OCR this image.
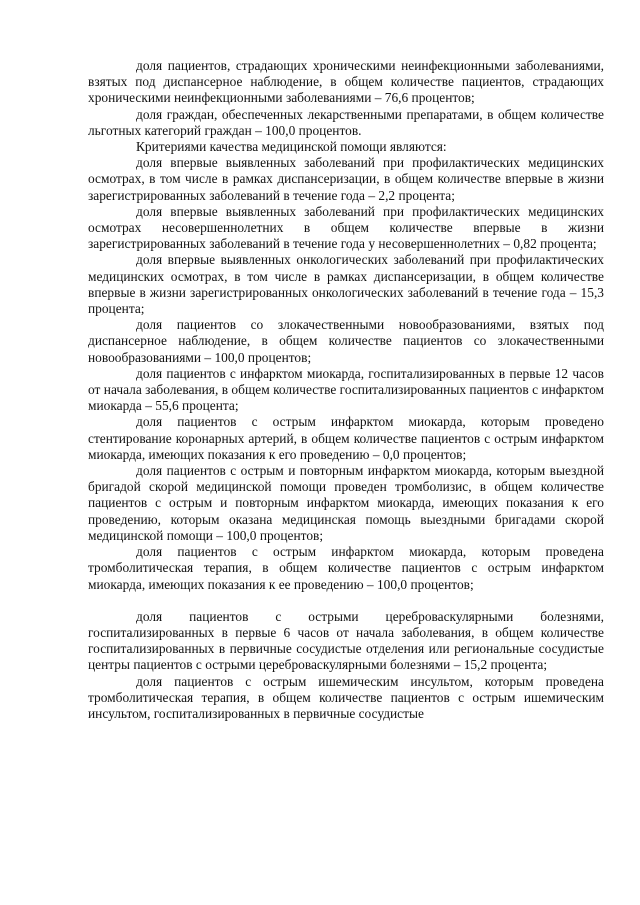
доля пациентов, страдающих хроническими неинфекционными заболеваниями, взятых под диспансерное наблюдение, в общем количестве пациентов, страдающих хроническими неинфекционными заболеваниями – 76,6 процентов;

доля граждан, обеспеченных лекарственными препаратами, в общем количестве льготных категорий граждан – 100,0 процентов.

Критериями качества медицинской помощи являются:

доля впервые выявленных заболеваний при профилактических медицинских осмотрах, в том числе в рамках диспансеризации, в общем количестве впервые в жизни зарегистрированных заболеваний в течение года – 2,2 процента;

доля впервые выявленных заболеваний при профилактических медицинских осмотрах несовершеннолетних в общем количестве впервые в жизни зарегистрированных заболеваний в течение года у несовершеннолетних – 0,82 процента;

доля впервые выявленных онкологических заболеваний при профилактических медицинских осмотрах, в том числе в рамках диспансеризации, в общем количестве впервые в жизни зарегистрированных онкологических заболеваний в течение года – 15,3 процента;

доля пациентов со злокачественными новообразованиями, взятых под диспансерное наблюдение, в общем количестве пациентов со злокачественными новообразованиями – 100,0 процентов;

доля пациентов с инфарктом миокарда, госпитализированных в первые 12 часов от начала заболевания, в общем количестве госпитализированных пациентов с инфарктом миокарда – 55,6 процента;

доля пациентов с острым инфарктом миокарда, которым проведено стентирование коронарных артерий, в общем количестве пациентов с острым инфарктом миокарда, имеющих показания к его проведению – 0,0 процентов;

доля пациентов с острым и повторным инфарктом миокарда, которым выездной бригадой скорой медицинской помощи проведен тромболизис, в общем количестве пациентов с острым и повторным инфарктом миокарда, имеющих показания к его проведению, которым оказана медицинская помощь выездными бригадами скорой медицинской помощи – 100,0 процентов;

доля пациентов с острым инфарктом миокарда, которым проведена тромболитическая терапия, в общем количестве пациентов с острым инфарктом миокарда, имеющих показания к ее проведению – 100,0 процентов;

доля пациентов с острыми цереброваскулярными болезнями, госпитализированных в первые 6 часов от начала заболевания, в общем количестве госпитализированных в первичные сосудистые отделения или региональные сосудистые центры пациентов с острыми цереброваскулярными болезнями – 15,2 процента;

доля пациентов с острым ишемическим инсультом, которым проведена тромболитическая терапия, в общем количестве пациентов с острым ишемическим инсультом, госпитализированных в первичные сосудистые
